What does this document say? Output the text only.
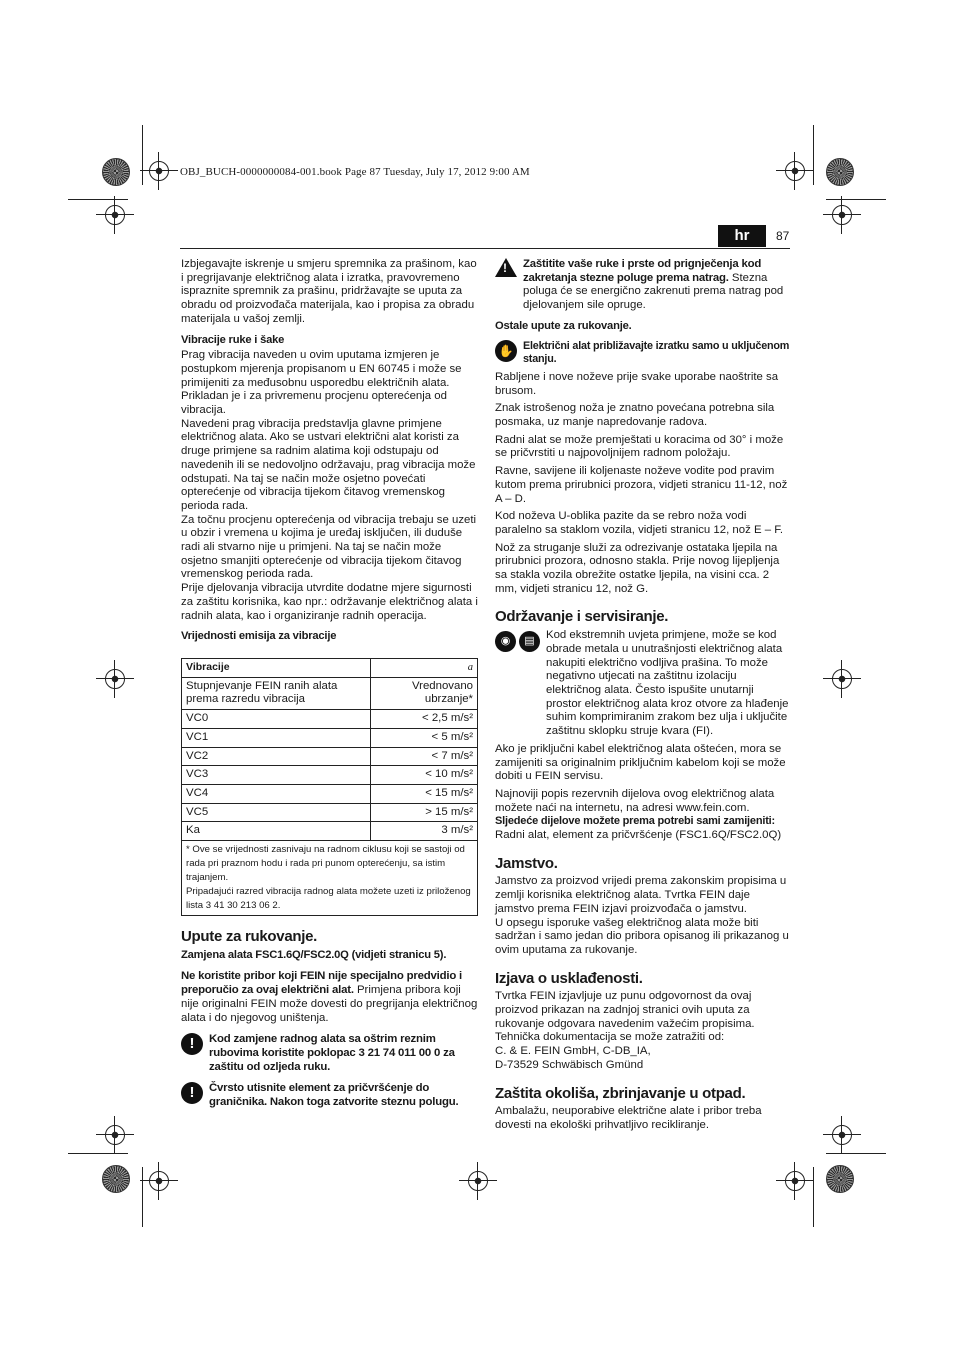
OBJ_BUCH-0000000084-001.book Page 87 Tuesday, July 17, 2012 9:00 AM
hr	87

Izbjegavajte iskrenje u smjeru spremnika za prašinom, kao i pregrijavanje električnog alata i izratka, pravovremeno ispraznite spremnik za prašinu, pridržavajte se uputa za obradu od proizvođača materijala, kao i propisa za obradu materijala u vašoj zemlji.

Vibracije ruke i šake

Prag vibracija naveden u ovim uputama izmjeren je postupkom mjerenja propisanom u EN 60745 i može se primijeniti za međusobnu usporedbu električnih alata. Prikladan je i za privremenu procjenu opterećenja od vibracija.

Navedeni prag vibracija predstavlja glavne primjene električnog alata. Ako se ustvari električni alat koristi za druge primjene sa radnim alatima koji odstupaju od navedenih ili se nedovoljno održavaju, prag vibracija može odstupati. Na taj se način može osjetno povećati opterećenje od vibracija tijekom čitavog vremenskog perioda rada.

Za točnu procjenu opterećenja od vibracija trebaju se uzeti u obzir i vremena u kojima je uređaj isključen, ili duduše radi ali stvarno nije u primjeni. Na taj se način može osjetno smanjiti opterećenje od vibracija tijekom čitavog vremenskog perioda rada.

Prije djelovanja vibracija utvrdite dodatne mjere sigurnosti za zaštitu korisnika, kao npr.: održavanje električnog alata i radnih alata, kao i organiziranje radnih operacija.

Vrijednosti emisija za vibracije
Vibracije	a
Stupnjevanje FEIN ranih alata prema razredu vibracija	Vrednovano ubrzanje*
VC0	< 2,5 m/s²
VC1	< 5 m/s²
VC2	< 7 m/s²
VC3	< 10 m/s²
VC4	< 15 m/s²
VC5	> 15 m/s²
Ka	3 m/s²

* Ove se vrijednosti zasnivaju na radnom ciklusu koji se sastoji od rada pri praznom hodu i rada pri punom opterećenju, sa istim trajanjem.
Pripadajući razred vibracija radnog alata možete uzeti iz priloženog lista 3 41 30 213 06 2.	
Upute za rukovanje.
Zamjena alata FSC1.6Q/FSC2.0Q (vidjeti stranicu 5).

Ne koristite pribor koji FEIN nije specijalno predvidio i preporučio za ovaj električni alat. Primjena pribora koji nije originalni FEIN može dovesti do pregrijanja električnog alata i do njegovog uništenja.

!	Kod zamjene radnog alata sa oštrim reznim rubovima koristite poklopac 3 21 74 011 00 0 za zaštitu od ozljeda ruku.
!	Čvrsto utisnite element za pričvršćenje do graničnika. Nakon toga zatvorite steznu polugu.
!
Zaštitite vaše ruke i prste od prignječenja kod zakretanja stezne poluge prema natrag. Stezna poluga će se energično zakrenuti prema natrag pod djelovanjem sile opruge.
Ostale upute za rukovanje.
✋ Električni alat približavajte izratku samo u uključenom stanju.

Rabljene i nove noževe prije svake uporabe naoštrite sa brusom.

Znak istrošenog noža je znatno povećana potrebna sila posmaka, uz manje napredovanje radova.

Radni alat se može premještati u koracima od 30° i može se pričvrstiti u najpovoljnijem radnom položaju.

Ravne, savijene ili koljenaste noževe vodite pod pravim kutom prema prirubnici prozora, vidjeti stranicu 11-12, nož A – D.

Kod noževa U-oblika pazite da se rebro noža vodi paralelno sa staklom vozila, vidjeti stranicu 12, nož E – F.

Nož za struganje služi za odrezivanje ostataka ljepila na prirubnici prozora, odnosno stakla. Prije novog lijepljenja sa stakla vozila obrežite ostatke ljepila, na visini cca. 2 mm, vidjeti stranicu 12, nož G.

Održavanje i servisiranje.
◉	▤ Kod ekstremnih uvjeta primjene, može se kod obrade metala u unutrašnjosti električnog alata nakupiti električno vodljiva prašina. To može negativno utjecati na zaštitnu izolaciju električnog alata. Često ispušite unutarnji prostor električnog alata kroz otvore za hlađenje suhim komprimiranim zrakom bez ulja i uključite zaštitnu sklopku struje kvara (FI).

Ako je priključni kabel električnog alata oštećen, mora se zamijeniti sa originalnim priključnim kabelom koji se može dobiti u FEIN servisu.

Najnoviji popis rezervnih dijelova ovog električnog alata možete naći na internetu, na adresi www.fein.com.

Sljedeće dijelove možete prema potrebi sami zamijeniti:
Radni alat, element za pričvršćenje (FSC1.6Q/FSC2.0Q)

Jamstvo.

Jamstvo za proizvod vrijedi prema zakonskim propisima u zemlji korisnika električnog alata. Tvrtka FEIN daje jamstvo prema FEIN izjavi proizvođača o jamstvu.

U opsegu isporuke vašeg električnog alata može biti sadržan i samo jedan dio pribora opisanog ili prikazanog u ovim uputama za rukovanje.

Izjava o usklađenosti.

Tvrtka FEIN izjavljuje uz punu odgovornost da ovaj proizvod prikazan na zadnjoj stranici ovih uputa za rukovanje odgovara navedenim važećim propisima.

Tehnička dokumentacija se može zatražiti od:

C. & E. FEIN GmbH, C-DB_IA,

D-73529 Schwäbisch Gmünd

Zaštita okoliša, zbrinjavanje u otpad.

Ambalažu, neuporabive električne alate i pribor treba dovesti na ekološki prihvatljivo recikliranje.
